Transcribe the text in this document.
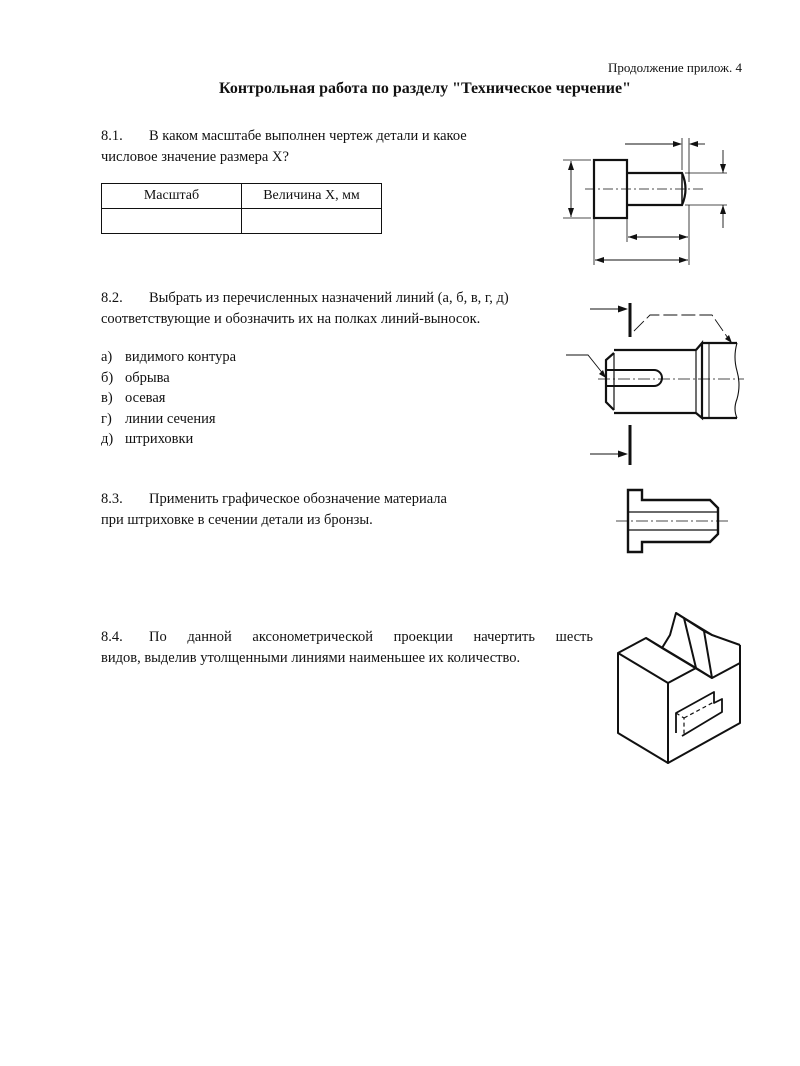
Продолжение прилож. 4
Контрольная работа по разделу "Техническое черчение"
8.1. В каком масштабе выполнен чертеж детали и какое
числовое значение размера Х?
Масштаб	Величина Х, мм

8.2. Выбрать из перечисленных назначений линий (а, б, в, г, д)
соответствующие и обозначить их на полках линий-выносок.
а) видимого контура
б) обрыва
в) осевая
г) линии сечения
д) штриховки
8.3. Применить графическое обозначение материала
при штриховке в сечении детали из бронзы.
8.4. По данной аксонометрической проекции начертить шесть
видов, выделив утолщенными линиями наименьшее их количество.
